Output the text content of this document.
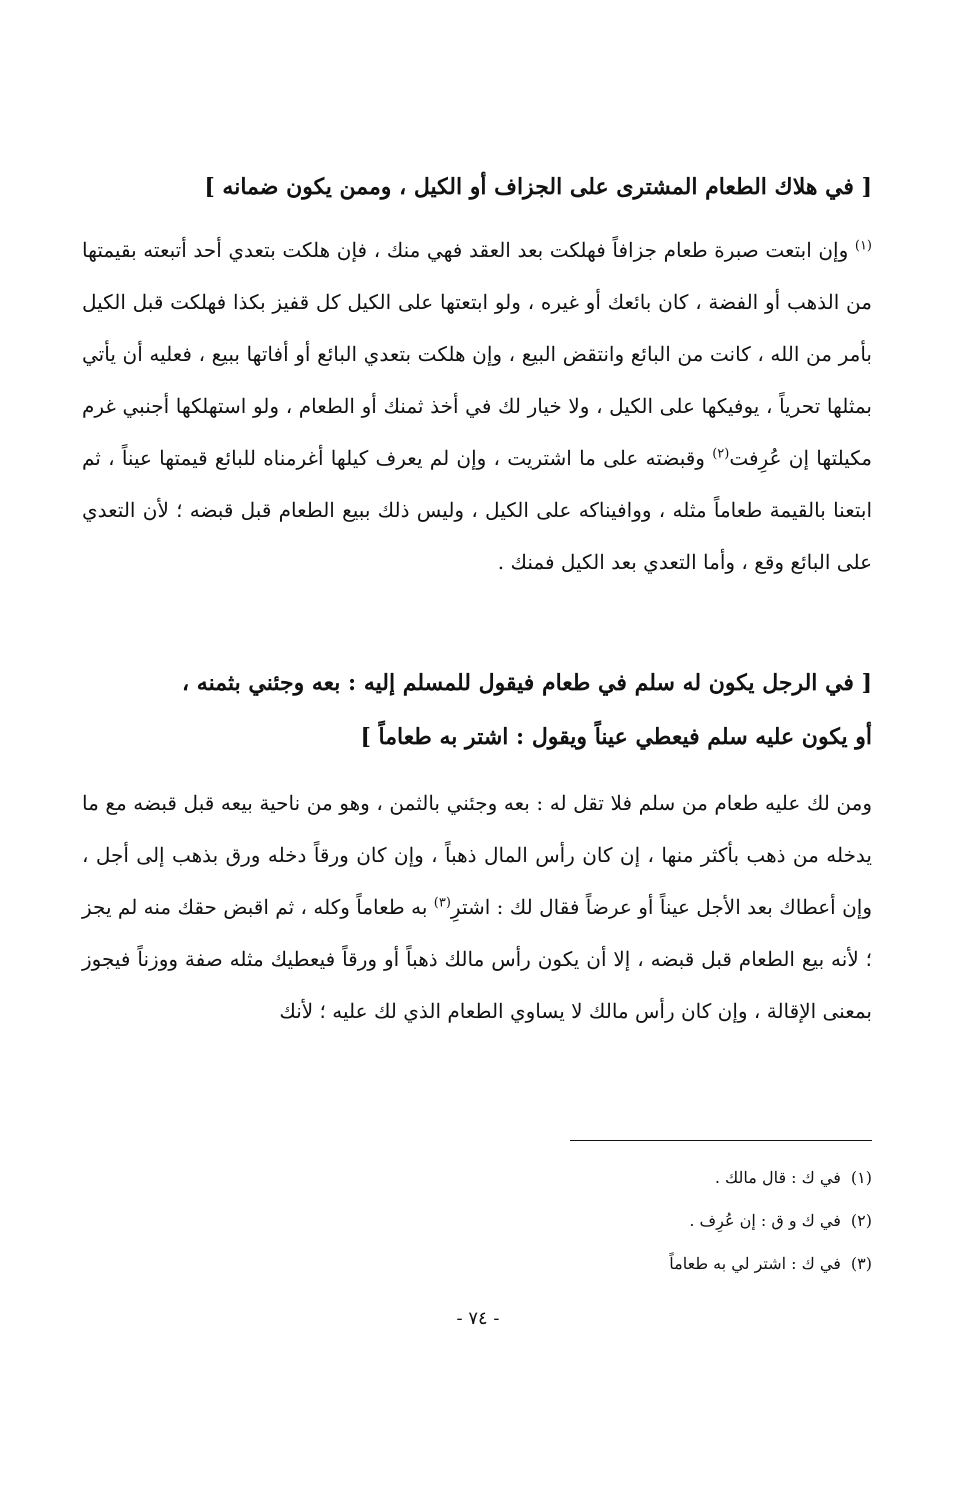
[ في هلاك الطعام المشترى على الجزاف أو الكيل ، وممن يكون ضمانه ]
$^{(١)}$ وإن ابتعت صبرة طعام جزافاً فهلكت بعد العقد فهي منك ، فإن هلكت بتعدي أحد أتبعته بقيمتها من الذهب أو الفضة ، كان بائعك أو غيره ، ولو ابتعتها على الكيل كل قفيز بكذا فهلكت قبل الكيل بأمر من الله ، كانت من البائع وانتقض البيع ، وإن هلكت بتعدي البائع أو أفاتها ببيع ، فعليه أن يأتي بمثلها تحرياً ، يوفيكها على الكيل ، ولا خيار لك في أخذ ثمنك أو الطعام ، ولو استهلكها أجنبي غرم مكيلتها إن عُرِفت$^{(٢)}$ وقبضته على ما اشتريت ، وإن لم يعرف كيلها أغرمناه للبائع قيمتها عيناً ، ثم ابتعنا بالقيمة طعاماً مثله ، ووافيناكه على الكيل ، وليس ذلك ببيع الطعام قبل قبضه ؛ لأن التعدي على البائع وقع ، وأما التعدي بعد الكيل فمنك .
[ في الرجل يكون له سلم في طعام فيقول للمسلم إليه : بعه وجئني بثمنه ،
أو يكون عليه سلم فيعطي عيناً ويقول : اشتر به طعاماً ]
ومن لك عليه طعام من سلم فلا تقل له : بعه وجئني بالثمن ، وهو من ناحية بيعه قبل قبضه مع ما يدخله من ذهب بأكثر منها ، إن كان رأس المال ذهباً ، وإن كان ورقاً دخله ورق بذهب إلى أجل ، وإن أعطاك بعد الأجل عيناً أو عرضاً فقال لك : اشترِ$^{(٣)}$ به طعاماً وكله ، ثم اقبض حقك منه لم يجز ؛ لأنه بيع الطعام قبل قبضه ، إلا أن يكون رأس مالك ذهباً أو ورقاً فيعطيك مثله صفة ووزناً فيجوز بمعنى الإقالة ، وإن كان رأس مالك لا يساوي الطعام الذي لك عليه ؛ لأنك
(١)في ك : قال مالك .
(٢)في ك و ق : إن عُرِف .
(٣)في ك : اشتر لي به طعاماً
- ٧٤ -
